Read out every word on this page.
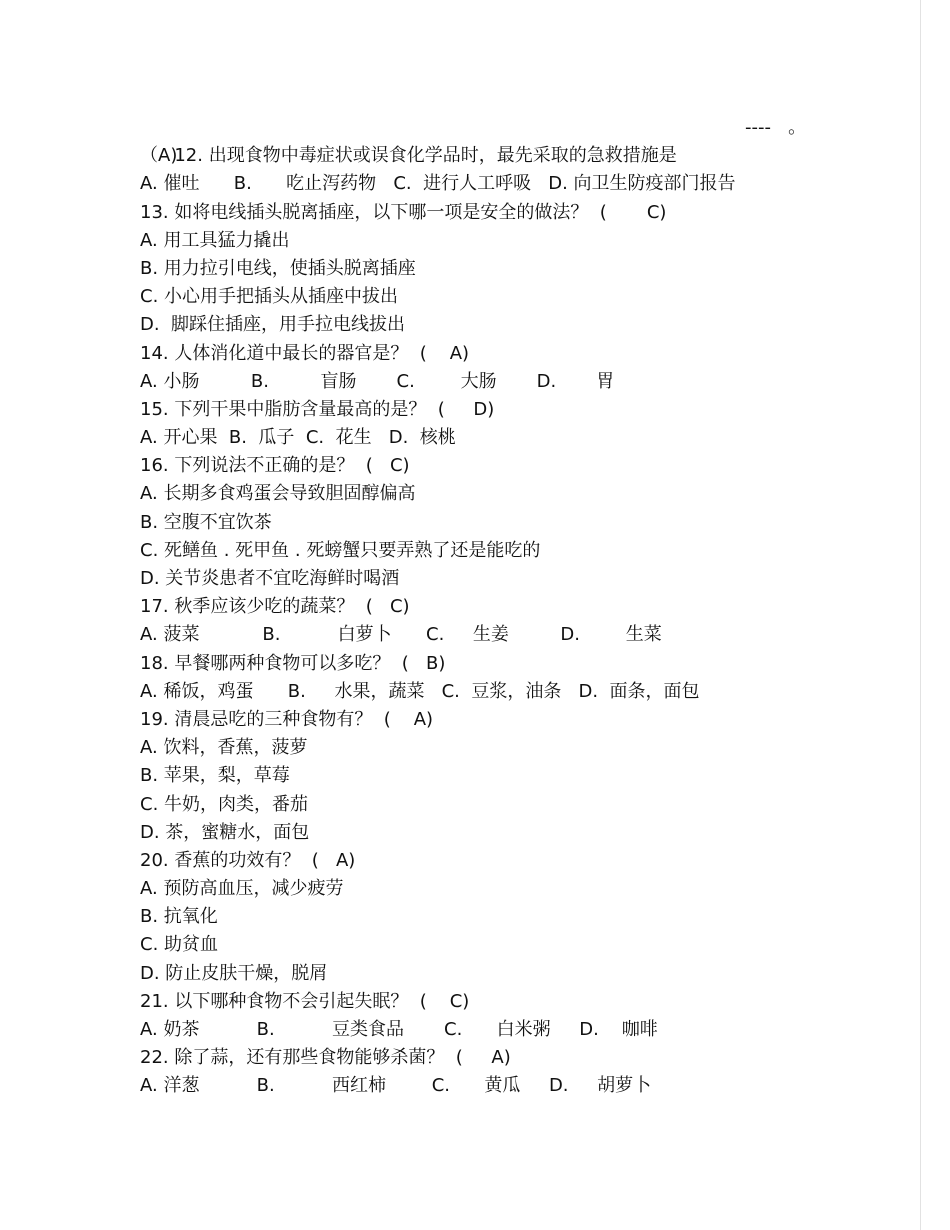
12. 出现食物中毒症状或误食化学品时，最先采取的急救措施是

----   。

（A)
A. 催吐      B.      吃止泻药物   C.  进行人工呼吸   D. 向卫生防疫部门报告
13. 如将电线插头脱离插座，以下哪一项是安全的做法？  (       C)
A. 用工具猛力撬出
B. 用力拉引电线，使插头脱离插座
C. 小心用手把插头从插座中拔出
D.  脚踩住插座，用手拉电线拔出
14. 人体消化道中最长的器官是？  (    A)
A. 小肠         B.         盲肠       C.        大肠       D.       胃
15. 下列干果中脂肪含量最高的是？  (     D)
A. 开心果  B.  瓜子  C.  花生   D.  核桃
16. 下列说法不正确的是？  (   C)
A. 长期多食鸡蛋会导致胆固醇偏高
B. 空腹不宜饮茶
C. 死鳝鱼 . 死甲鱼 . 死螃蟹只要弄熟了还是能吃的
D. 关节炎患者不宜吃海鲜时喝酒
17. 秋季应该少吃的蔬菜？  (   C)
A. 菠菜           B.          白萝卜      C.     生姜         D.        生菜
18. 早餐哪两种食物可以多吃？  (   B)
A. 稀饭，鸡蛋      B.     水果，蔬菜   C.  豆浆，油条   D.  面条，面包
19. 清晨忌吃的三种食物有？  (    A)
A. 饮料，香蕉，菠萝
B. 苹果，梨，草莓
C. 牛奶，肉类，番茄
D. 茶，蜜糖水，面包
20. 香蕉的功效有？  (   A)
A. 预防高血压，减少疲劳
B. 抗氧化
C. 助贫血
D. 防止皮肤干燥，脱屑
21. 以下哪种食物不会引起失眠？  (    C)
A. 奶茶          B.          豆类食品       C.      白米粥     D.    咖啡
22. 除了蒜，还有那些食物能够杀菌？  (     A)
A. 洋葱          B.          西红柿        C.      黄瓜     D.     胡萝卜
